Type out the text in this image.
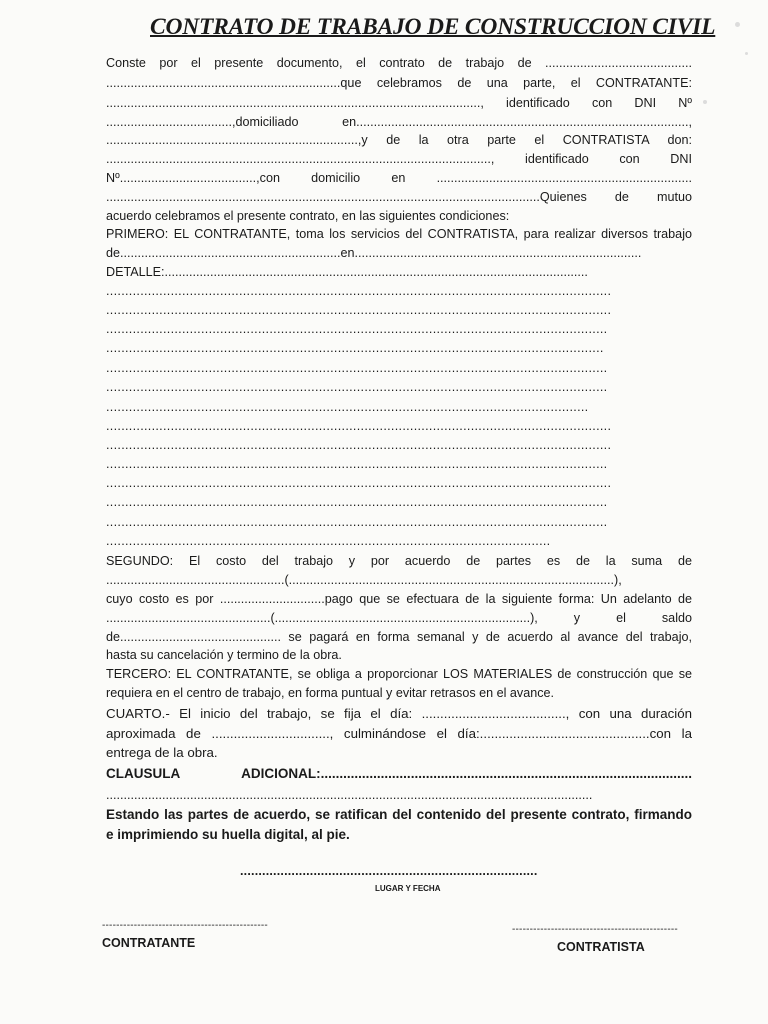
CONTRATO DE TRABAJO DE CONSTRUCCION CIVIL
Conste por el presente documento, el contrato de trabajo de ..........................................
...................................................................que celebramos de una parte, el CONTRATANTE:
..........................................................................................................., identificado con DNI Nº
....................................,domiciliado en...............................................................................................,
........................................................................,y de la otra parte el CONTRATISTA don:
.............................................................................................................., identificado con DNI
Nº.......................................,con domicilio en .........................................................................
............................................................................................................................Quienes de mutuo
acuerdo celebramos el presente contrato, en las siguientes condiciones:
PRIMERO: EL CONTRATANTE, toma los servicios del CONTRATISTA, para realizar diversos trabajo
de...............................................................en..................................................................................
DETALLE:.........................................................................................................................
.....................................................................................................................................
.....................................................................................................................................
....................................................................................................................................
...................................................................................................................................
....................................................................................................................................
....................................................................................................................................
...............................................................................................................................
.....................................................................................................................................
.....................................................................................................................................
....................................................................................................................................
.....................................................................................................................................
....................................................................................................................................
....................................................................................................................................
.....................................................................................................................
SEGUNDO: El costo del trabajo y por acuerdo de partes es de la suma de
...................................................(.............................................................................................),
cuyo costo es por ..............................pago que se efectuara de la siguiente forma: Un adelanto de
...............................................(.........................................................................), y el saldo
de.............................................. se pagará en forma semanal y de acuerdo al avance del trabajo,
hasta su cancelación y termino de la obra.
TERCERO: EL CONTRATANTE, se obliga a proporcionar LOS MATERIALES de construcción que se
requiera en el centro de trabajo, en forma puntual y evitar retrasos en el avance.
CUARTO.- El inicio del trabajo, se fija el día: ......................................., con una duración
aproximada de ................................, culminándose el día:..............................................con la
entrega de la obra.
CLAUSULA ADICIONAL:...................................................................................................
...........................................................................................................................................
Estando las partes de acuerdo, se ratifican del contenido del presente contrato, firmando
e imprimiendo su huella digital, al pie.
.................................................................................
LUGAR Y FECHA
-----------------------------------------------
CONTRATANTE
-----------------------------------------------
CONTRATISTA
